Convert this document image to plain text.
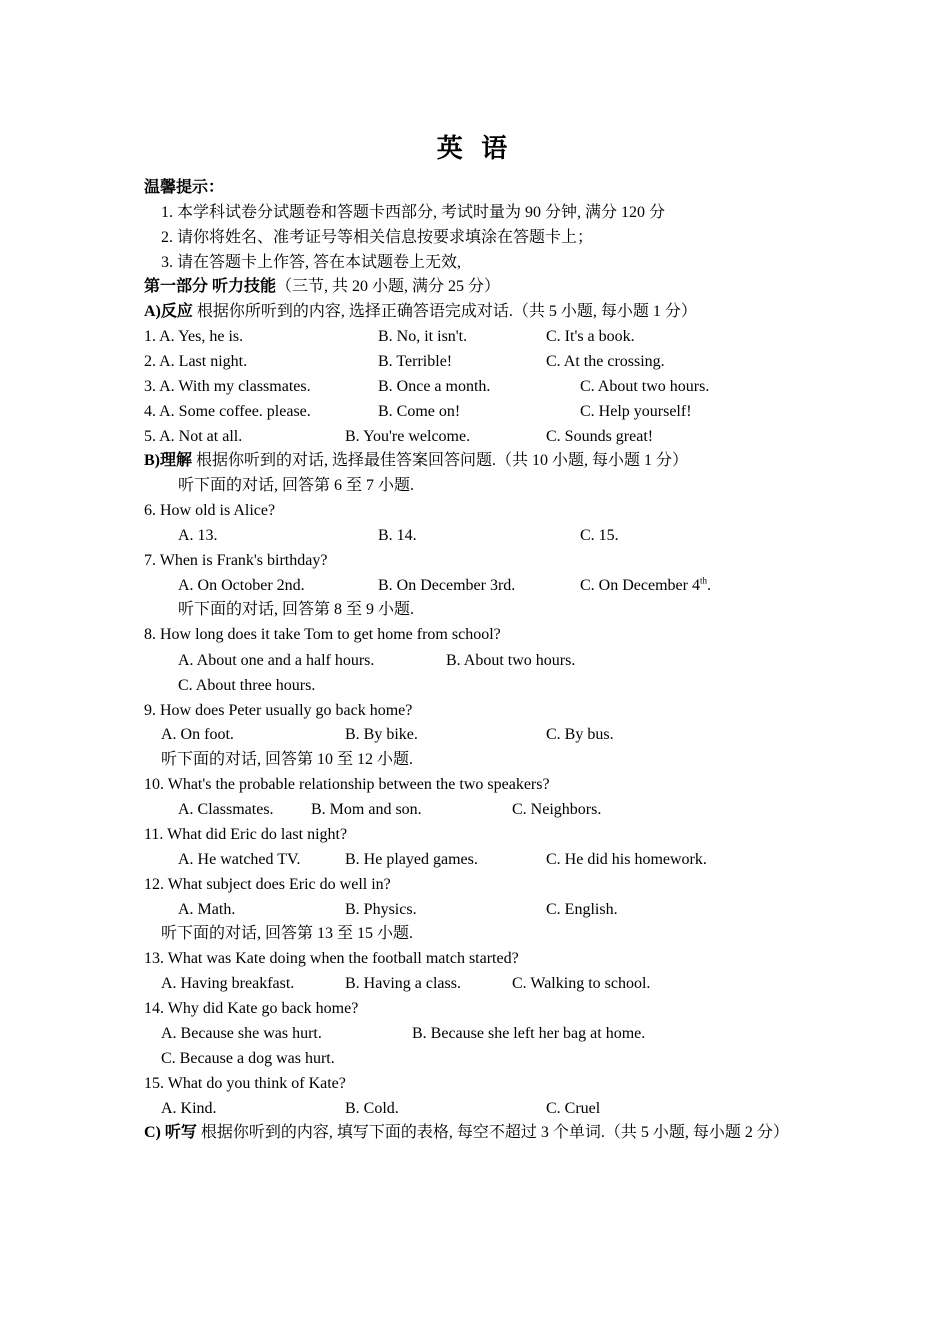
英 语
温馨提示：
1. 本学科试卷分试题卷和答题卡西部分, 考试时量为 90 分钟, 满分 120 分
2. 请你将姓名、准考证号等相关信息按要求填涂在答题卡上；
3. 请在答题卡上作答, 答在本试题卷上无效,
第一部分 听力技能（三节, 共 20 小题, 满分 25 分）
A)反应 根据你所听到的内容, 选择正确答语完成对话.（共 5 小题, 每小题 1 分）
1. A. Yes, he is.	B. No, it isn't.	C. It's a book.
2. A. Last night.	B. Terrible!	C. At the crossing.
3. A. With my classmates.	B. Once a month.	C. About two hours.
4. A. Some coffee. please.	B. Come on!	C. Help yourself!
5. A. Not at all.	B. You're welcome.	C. Sounds great!
B)理解 根据你听到的对话, 选择最佳答案回答问题.（共 10 小题, 每小题 1 分）
听下面的对话, 回答第 6 至 7 小题.
6. How old is Alice?
A. 13.	B. 14.	C. 15.
7. When is Frank's birthday?
A. On October 2nd.	B. On December 3rd.	C. On December 4th.
听下面的对话, 回答第 8 至 9 小题.
8. How long does it take Tom to get home from school?
A. About one and a half hours.	B. About two hours.
C. About three hours.
9. How does Peter usually go back home?
A. On foot.	B. By bike.	C. By bus.
听下面的对话, 回答第 10 至 12 小题.
10. What's the probable relationship between the two speakers?
A. Classmates. B. Mom and son.	C. Neighbors.
11. What did Eric do last night?
A. He watched TV.	B. He played games.	C. He did his homework.
12. What subject does Eric do well in?
A. Math.	B. Physics.	C. English.
听下面的对话, 回答第 13 至 15 小题.
13. What was Kate doing when the football match started?
A. Having breakfast.	B. Having a class.	C. Walking to school.
14. Why did Kate go back home?
A. Because she was hurt.	B. Because she left her bag at home.
C. Because a dog was hurt.
15. What do you think of Kate?
A. Kind.	B. Cold.	C. Cruel
C) 听写 根据你听到的内容, 填写下面的表格, 每空不超过 3 个单词.（共 5 小题, 每小题 2 分）
